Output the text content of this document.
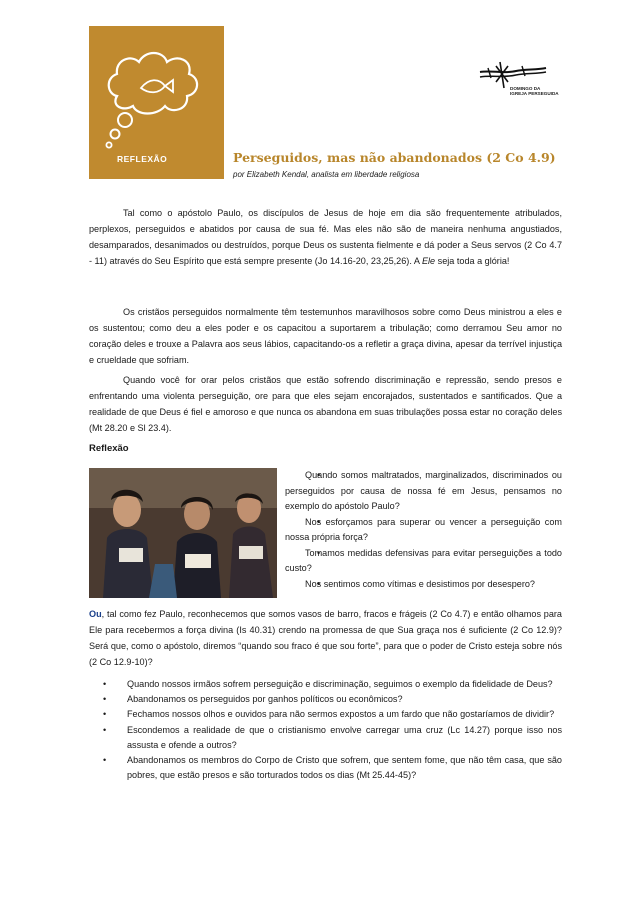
REFLEXÃO
DOMINGO DA
IGREJA PERSEGUIDA
Perseguidos, mas não abandonados (2 Co 4.9)
por Elizabeth Kendal, analista em liberdade religiosa

Tal como o apóstolo Paulo, os discípulos de Jesus de hoje em dia são frequentemente atribulados, perplexos, perseguidos e abatidos por causa de sua fé. Mas eles não são de maneira nenhuma angustiados, desamparados, desanimados ou destruídos, porque Deus os sustenta fielmente e dá poder a Seus servos (2 Co 4.7 - 11) através do Seu Espírito que está sempre presente (Jo 14.16-20, 23,25,26). A Ele seja toda a glória!

Os cristãos perseguidos normalmente têm testemunhos maravilhosos sobre como Deus ministrou a eles e os sustentou; como deu a eles poder e os capacitou a suportarem a tribulação; como derramou Seu amor no coração deles e trouxe a Palavra aos seus lábios, capacitando-os a refletir a graça divina, apesar da terrível injustiça e crueldade que sofriam.

Quando você for orar pelos cristãos que estão sofrendo discriminação e repressão, sendo presos e enfrentando uma violenta perseguição, ore para que eles sejam encorajados, sustentados e santificados. Que a realidade de que Deus é fiel e amoroso e que nunca os abandona em suas tribulações possa estar no coração deles (Mt 28.20 e Sl 23.4).

Reflexão

• Quando somos maltratados, marginalizados, discriminados ou perseguidos por causa de nossa fé em Jesus, pensamos no exemplo do apóstolo Paulo?

• Nos esforçamos para superar ou vencer a perseguição com nossa própria força?

• Tomamos medidas defensivas para evitar perseguições a todo custo?

• Nos sentimos como vítimas e desistimos por desespero?

Ou, tal como fez Paulo, reconhecemos que somos vasos de barro, fracos e frágeis (2 Co 4.7) e então olhamos para Ele para recebermos a força divina (Is 40.31) crendo na promessa de que Sua graça nos é suficiente (2 Co 12.9)? Será que, como o apóstolo, diremos “quando sou fraco é que sou forte”, para que o poder de Cristo esteja sobre nós (2 Co 12.9-10)?
• Quando nossos irmãos sofrem perseguição e discriminação, seguimos o exemplo da fidelidade de Deus?
• Abandonamos os perseguidos por ganhos políticos ou econômicos?
• Fechamos nossos olhos e ouvidos para não sermos expostos a um fardo que não gostaríamos de dividir?
• Escondemos a realidade de que o cristianismo envolve carregar uma cruz (Lc 14.27) porque isso nos assusta e ofende a outros?
• Abandonamos os membros do Corpo de Cristo que sofrem, que sentem fome, que não têm casa, que são pobres, que estão presos e são torturados todos os dias (Mt 25.44-45)?
